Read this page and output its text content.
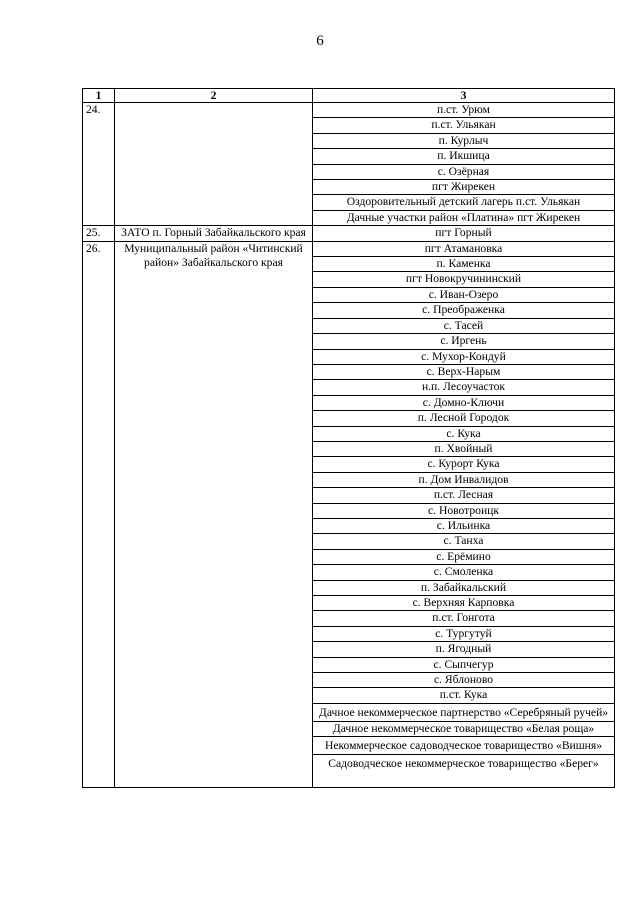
6
1	2	3
24.		п.ст. Урюм
		п.ст. Ульякан
		п. Курлыч
		п. Икшица
		с. Озёрная
		пгт Жирекен
		Оздоровительный детский лагерь п.ст. Ульякан
		Дачные участки район «Платина» пгт Жирекен
25.	ЗАТО п. Горный Забайкальского края	пгт Горный
26.	Муниципальный район «Читинский район» Забайкальского края	пгт Атамановка
		п. Каменка
		пгт Новокручининский
		с. Иван-Озеро
		с. Преображенка
		с. Тасей
		с. Иргень
		с. Мухор-Кондуй
		с. Верх-Нарым
		н.п. Лесоучасток
		с. Домно-Ключи
		п. Лесной Городок
		с. Кука
		п. Хвойный
		с. Курорт Кука
		п. Дом Инвалидов
		п.ст. Лесная
		с. Новотроицк
		с. Ильинка
		с. Танха
		с. Ерёмино
		с. Смоленка
		п. Забайкальский
		с. Верхняя Карповка
		п.ст. Гонгота
		с. Тургутуй
		п. Ягодный
		с. Сыпчегур
		с. Яблоново
		п.ст. Кука
		Дачное некоммерческое партнерство «Серебряный ручей»
		Дачное некоммерческое товарищество «Белая роща»
		Некоммерческое садоводческое товарищество «Вишня»
		Садоводческое некоммерческое товарищество «Берег»
